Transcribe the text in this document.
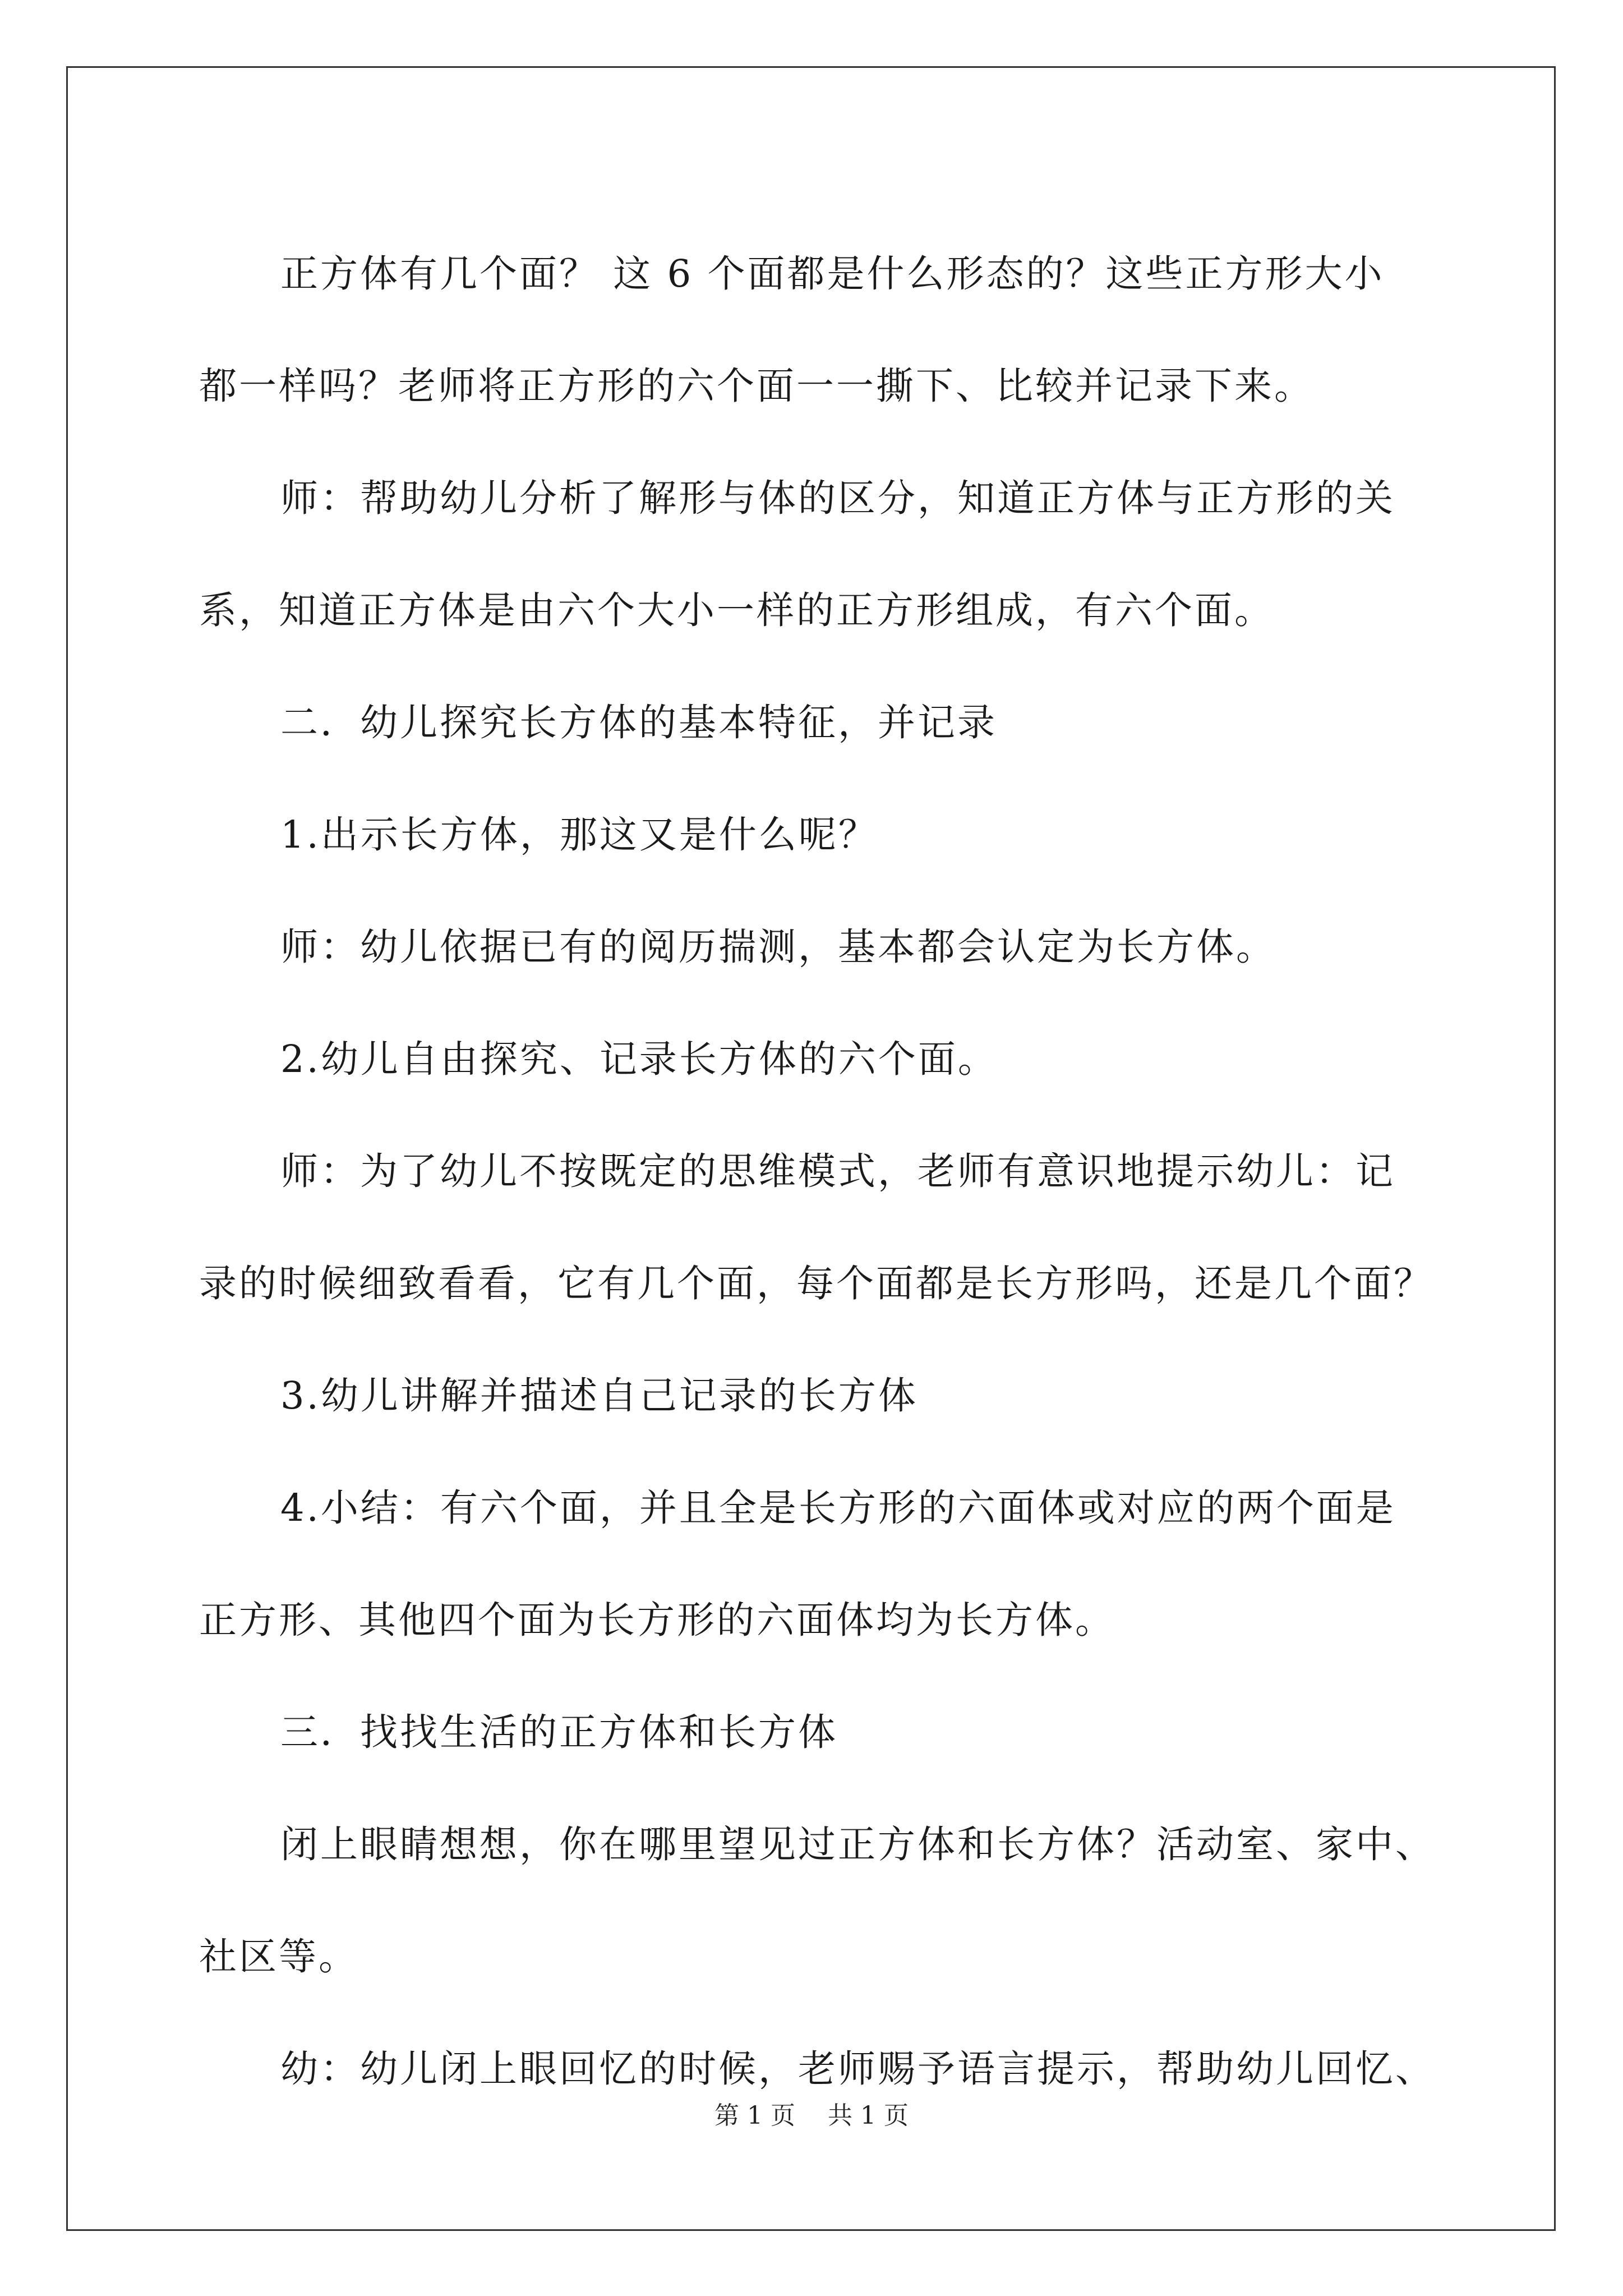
正方体有几个面？ 这 6 个面都是什么形态的？这些正方形大小

都一样吗？老师将正方形的六个面一一撕下、比较并记录下来。

师：帮助幼儿分析了解形与体的区分，知道正方体与正方形的关

系，知道正方体是由六个大小一样的正方形组成，有六个面。

二．幼儿探究长方体的基本特征，并记录

1.出示长方体，那这又是什么呢？

师：幼儿依据已有的阅历揣测，基本都会认定为长方体。

2.幼儿自由探究、记录长方体的六个面。

师：为了幼儿不按既定的思维模式，老师有意识地提示幼儿：记

录的时候细致看看，它有几个面，每个面都是长方形吗，还是几个面？

3.幼儿讲解并描述自己记录的长方体

4.小结：有六个面，并且全是长方形的六面体或对应的两个面是

正方形、其他四个面为长方形的六面体均为长方体。

三．找找生活的正方体和长方体

闭上眼睛想想，你在哪里望见过正方体和长方体？活动室、家中、

社区等。

幼：幼儿闭上眼回忆的时候，老师赐予语言提示，帮助幼儿回忆、

第 1 页 共 1 页
